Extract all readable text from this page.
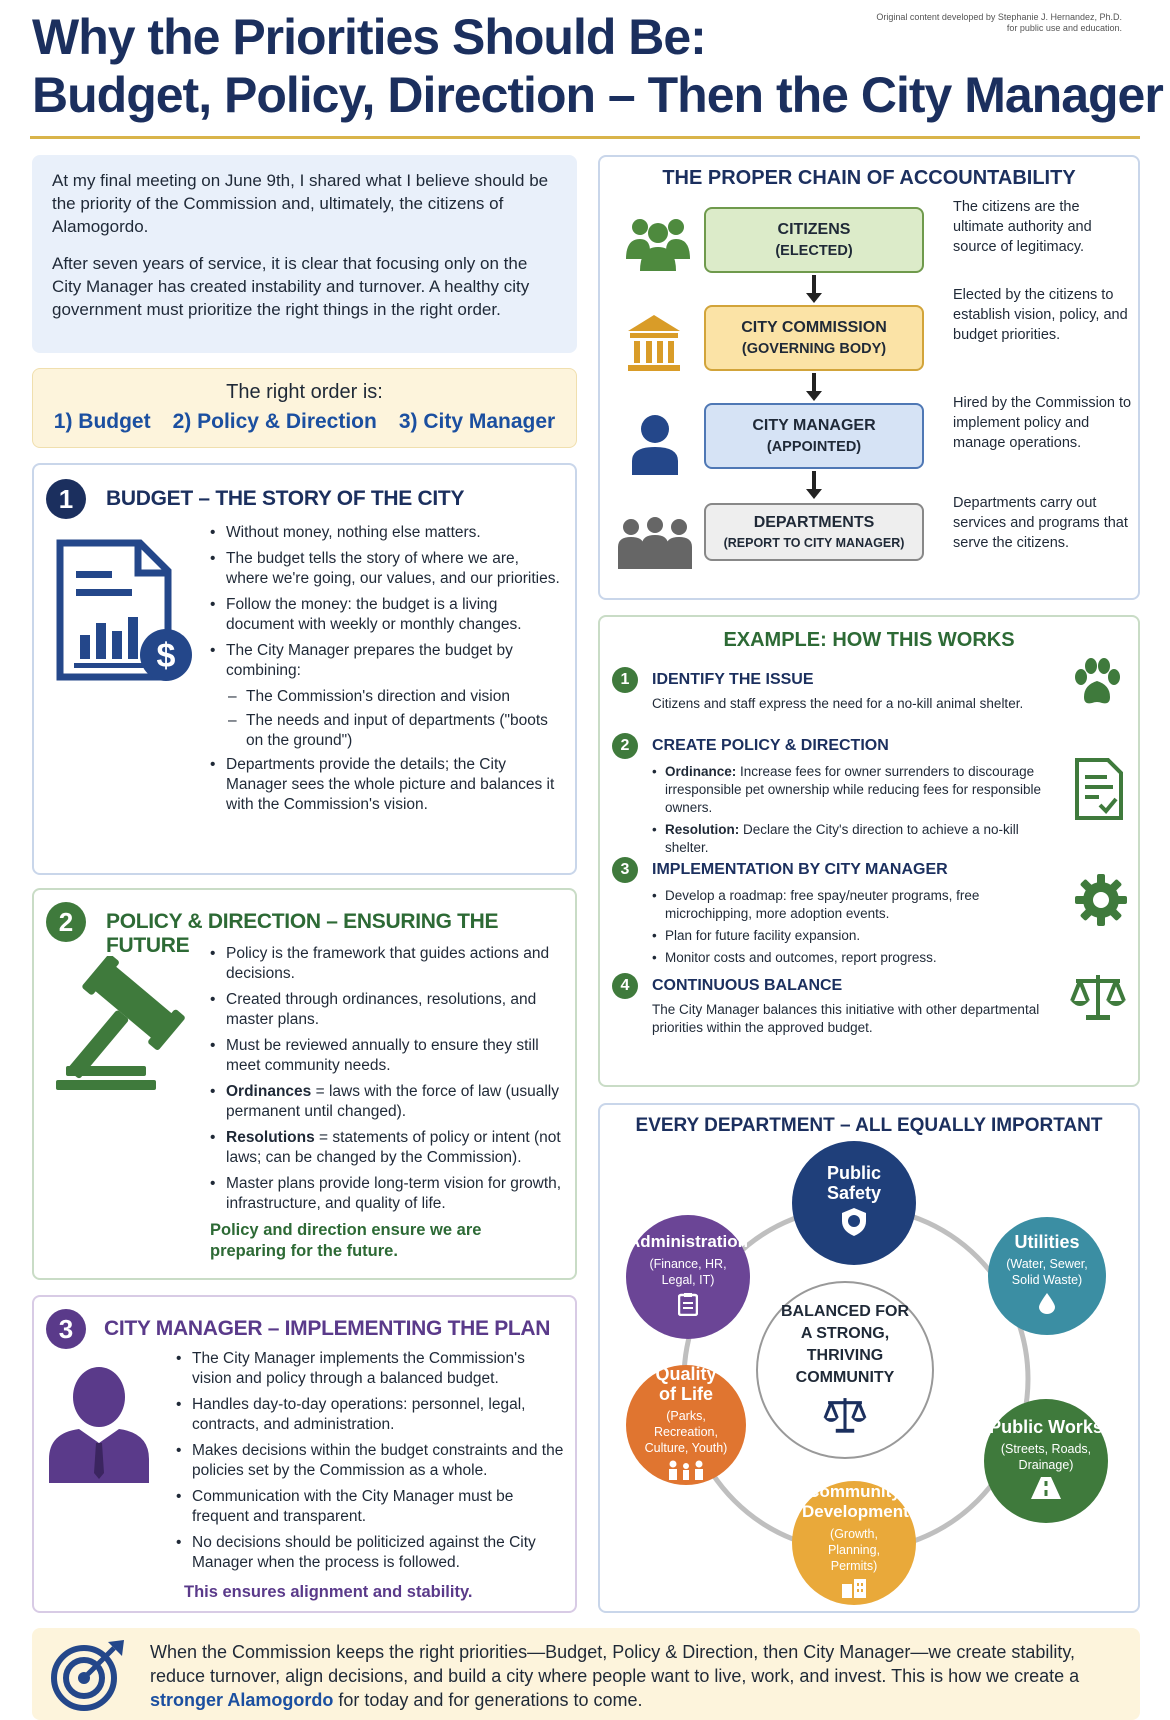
Why the Priorities Should Be:
Budget, Policy, Direction – Then the City Manager
Original content developed by Stephanie J. Hernandez, Ph.D.
for public use and education.

At my final meeting on June 9th, I shared what I believe should be the priority of the Commission and, ultimately, the citizens of Alamogordo.

After seven years of service, it is clear that focusing only on the City Manager has created instability and turnover. A healthy city government must prioritize the right things in the right order.

The right order is:
1) Budget 2) Policy & Direction 3) City Manager
1	BUDGET – THE STORY OF THE CITY
$
• Without money, nothing else matters.
• The budget tells the story of where we are, where we're going, our values, and our priorities.
• Follow the money: the budget is a living document with weekly or monthly changes.
• The City Manager prepares the budget by combining:
– The Commission's direction and vision
– The needs and input of departments ("boots on the ground")
• Departments provide the details; the City Manager sees the whole picture and balances it with the Commission's vision.
2	POLICY & DIRECTION – ENSURING THE FUTURE
•	Policy is the framework that guides actions and decisions.
• Created through ordinances, resolutions, and master plans.
• Must be reviewed annually to ensure they still meet community needs.
• Ordinances = laws with the force of law (usually permanent until changed).
• Resolutions = statements of policy or intent (not laws; can be changed by the Commission).
• Master plans provide long-term vision for growth, infrastructure, and quality of life.
Policy and direction ensure we are preparing for the future.
3	CITY MANAGER – IMPLEMENTING THE PLAN
• The City Manager implements the Commission's vision and policy through a balanced budget.
• Handles day-to-day operations: personnel, legal, contracts, and administration.
• Makes decisions within the budget constraints and the policies set by the Commission as a whole.
• Communication with the City Manager must be frequent and transparent.
• No decisions should be politicized against the City Manager when the process is followed.
This ensures alignment and stability.
THE PROPER CHAIN OF ACCOUNTABILITY
CITIZENS
(ELECTED)
The citizens are the ultimate authority and source of legitimacy.
CITY COMMISSION
(GOVERNING BODY)
Elected by the citizens to establish vision, policy, and budget priorities.
CITY MANAGER
(APPOINTED)
Hired by the Commission to implement policy and manage operations.
DEPARTMENTS
(REPORT TO CITY MANAGER)
Departments carry out services and programs that serve the citizens.
EXAMPLE: HOW THIS WORKS
1	IDENTIFY THE ISSUE
Citizens and staff express the need for a no-kill animal shelter.
2	CREATE POLICY & DIRECTION
• Ordinance: Increase fees for owner surrenders to discourage irresponsible pet ownership while reducing fees for responsible owners.
• Resolution: Declare the City's direction to achieve a no-kill shelter.
3	IMPLEMENTATION BY CITY MANAGER
• Develop a roadmap: free spay/neuter programs, free microchipping, more adoption events.
• Plan for future facility expansion.
• Monitor costs and outcomes, report progress.
4	CONTINUOUS BALANCE
The City Manager balances this initiative with other departmental priorities within the approved budget.
EVERY DEPARTMENT – ALL EQUALLY IMPORTANT
BALANCED FOR A STRONG, THRIVING COMMUNITY
Public Safety
Utilities
(Water, Sewer, Solid Waste)
Public Works
(Streets, Roads, Drainage)
Community Development
(Growth, Planning, Permits)
Quality of Life
(Parks, Recreation, Culture, Youth)
Administration
(Finance, HR, Legal, IT)
When the Commission keeps the right priorities—Budget, Policy & Direction, then City Manager—we create stability, reduce turnover, align decisions, and build a city where people want to live, work, and invest. This is how we create a stronger Alamogordo for today and for generations to come.
